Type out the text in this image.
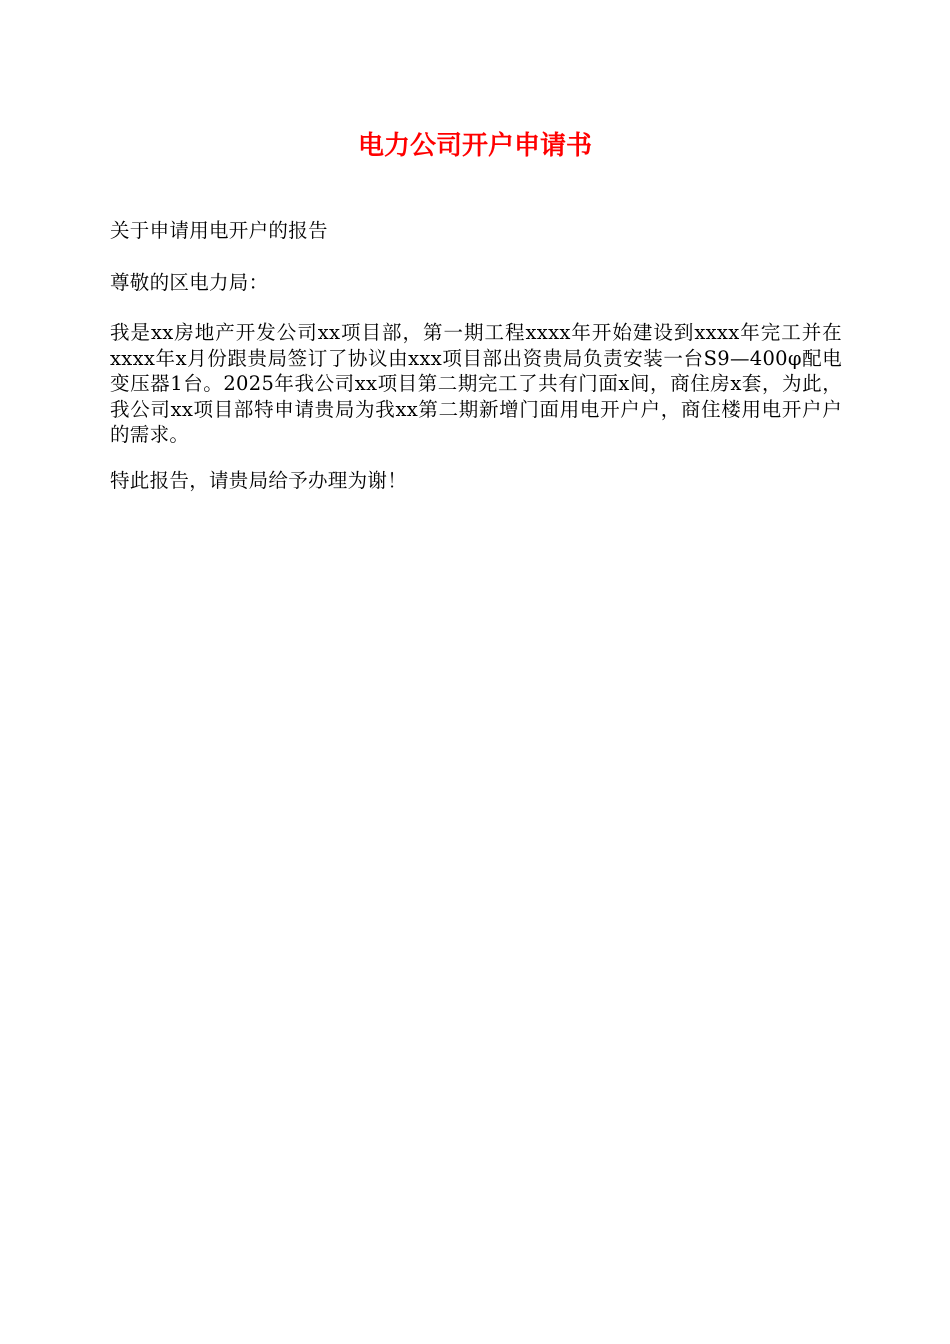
电力公司开户申请书

关于申请用电开户的报告

尊敬的区电力局：

我是xx房地产开发公司xx项目部，第一期工程xxxx年开始建设到xxxx年完工并在xxxx年x月份跟贵局签订了协议由xxx项目部出资贵局负责安装一台S9—400φ配电变压器1台。2025年我公司xx项目第二期完工了共有门面x间，商住房x套，为此，我公司xx项目部特申请贵局为我xx第二期新增门面用电开户户，商住楼用电开户户的需求。

特此报告，请贵局给予办理为谢！
